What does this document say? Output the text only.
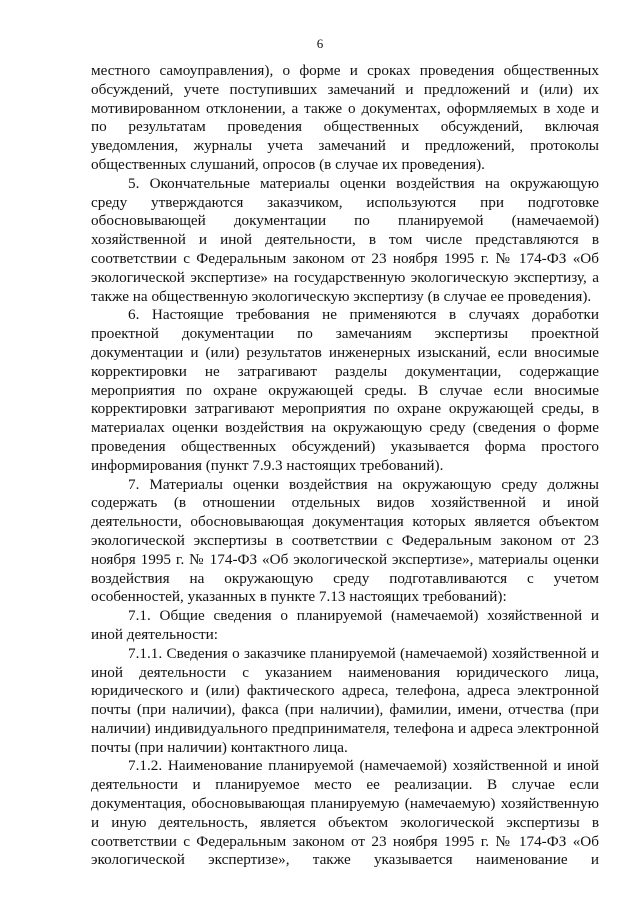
6

местного самоуправления), о форме и сроках проведения общественных обсуждений, учете поступивших замечаний и предложений и (или) их мотивированном отклонении, а также о документах, оформляемых в ходе и по результатам проведения общественных обсуждений, включая уведомления, журналы учета замечаний и предложений, протоколы общественных слушаний, опросов (в случае их проведения).

5. Окончательные материалы оценки воздействия на окружающую среду утверждаются заказчиком, используются при подготовке обосновывающей документации по планируемой (намечаемой) хозяйственной и иной деятельности, в том числе представляются в соответствии с Федеральным законом от 23 ноября 1995 г. № 174-ФЗ «Об экологической экспертизе» на государственную экологическую экспертизу, а также на общественную экологическую экспертизу (в случае ее проведения).

6. Настоящие требования не применяются в случаях доработки проектной документации по замечаниям экспертизы проектной документации и (или) результатов инженерных изысканий, если вносимые корректировки не затрагивают разделы документации, содержащие мероприятия по охране окружающей среды. В случае если вносимые корректировки затрагивают мероприятия по охране окружающей среды, в материалах оценки воздействия на окружающую среду (сведения о форме проведения общественных обсуждений) указывается форма простого информирования (пункт 7.9.3 настоящих требований).

7. Материалы оценки воздействия на окружающую среду должны содержать (в отношении отдельных видов хозяйственной и иной деятельности, обосновывающая документация которых является объектом экологической экспертизы в соответствии с Федеральным законом от 23 ноября 1995 г. № 174-ФЗ «Об экологической экспертизе», материалы оценки воздействия на окружающую среду подготавливаются с учетом особенностей, указанных в пункте 7.13 настоящих требований):

7.1. Общие сведения о планируемой (намечаемой) хозяйственной и иной деятельности:

7.1.1. Сведения о заказчике планируемой (намечаемой) хозяйственной и иной деятельности с указанием наименования юридического лица, юридического и (или) фактического адреса, телефона, адреса электронной почты (при наличии), факса (при наличии), фамилии, имени, отчества (при наличии) индивидуального предпринимателя, телефона и адреса электронной почты (при наличии) контактного лица.

7.1.2. Наименование планируемой (намечаемой) хозяйственной и иной деятельности и планируемое место ее реализации. В случае если документация, обосновывающая планируемую (намечаемую) хозяйственную и иную деятельность, является объектом экологической экспертизы в соответствии с Федеральным законом от 23 ноября 1995 г. № 174-ФЗ «Об экологической экспертизе», также указывается наименование и
